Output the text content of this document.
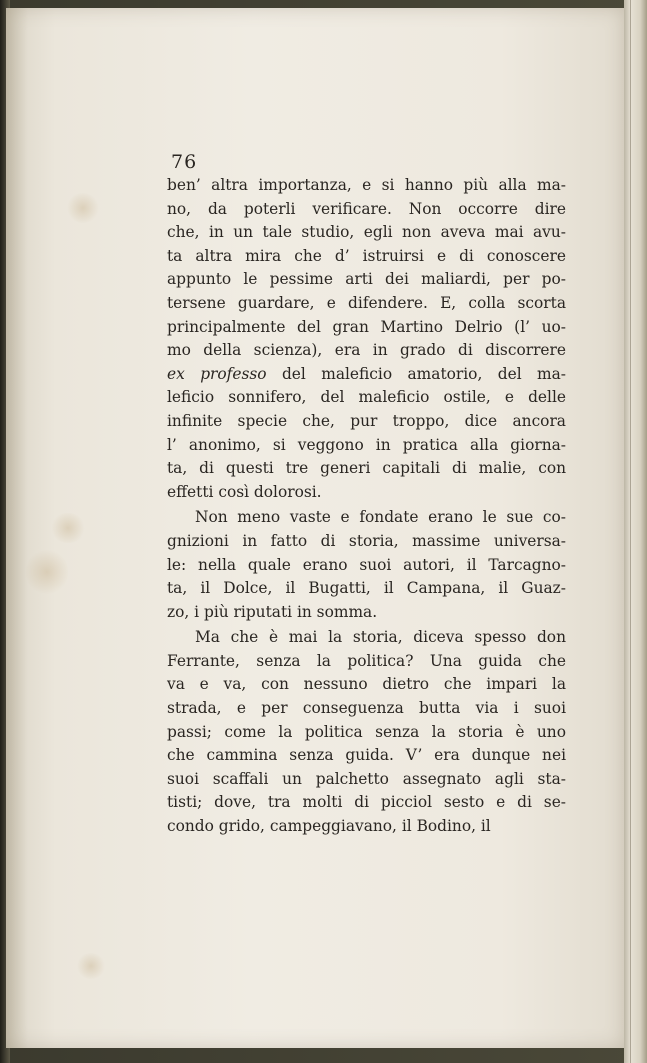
76
ben’ altra importanza, e si hanno più alla ma-
no, da poterli verificare. Non occorre dire
che, in un tale studio, egli non aveva mai avu-
ta altra mira che d’ istruirsi e di conoscere
appunto le pessime arti dei maliardi, per po-
tersene guardare, e difendere. E, colla scorta
principalmente del gran Martino Delrio (l’ uo-
mo della scienza), era in grado di discorrere
ex professo del maleficio amatorio, del ma-
leficio sonnifero, del maleficio ostile, e delle
infinite specie che, pur troppo, dice ancora
l’ anonimo, si veggono in pratica alla giorna-
ta, di questi tre generi capitali di malie, con
effetti così dolorosi.
Non meno vaste e fondate erano le sue co-
gnizioni in fatto di storia, massime universa-
le: nella quale erano suoi autori, il Tarcagno-
ta, il Dolce, il Bugatti, il Campana, il Guaz-
zo, i più riputati in somma.
Ma che è mai la storia, diceva spesso don
Ferrante, senza la politica? Una guida che
va e va, con nessuno dietro che impari la
strada, e per conseguenza butta via i suoi
passi; come la politica senza la storia è uno
che cammina senza guida. V’ era dunque nei
suoi scaffali un palchetto assegnato agli sta-
tisti; dove, tra molti di picciol sesto e di se-
condo grido, campeggiavano, il Bodino, il
